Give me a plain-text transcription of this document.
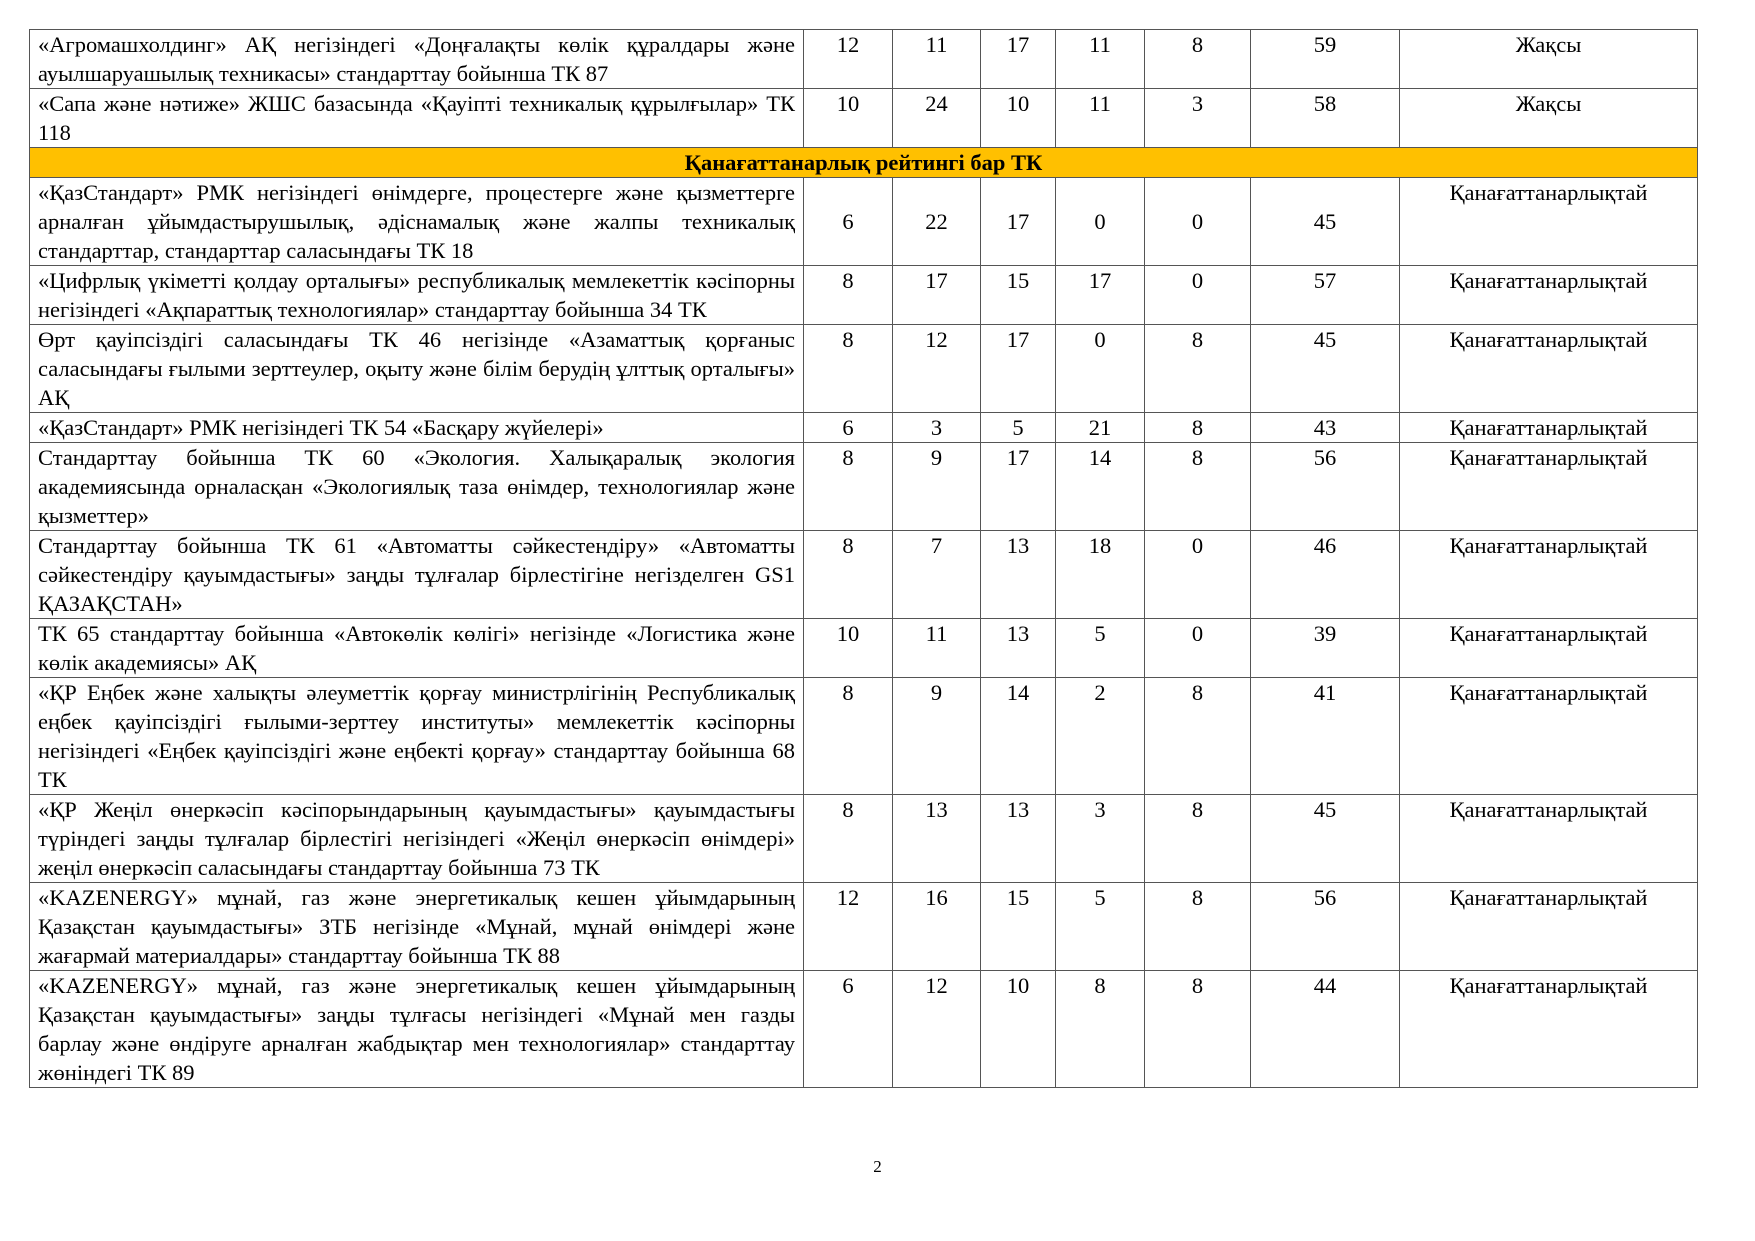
«Агромашхолдинг» АҚ негізіндегі «Доңғалақты көлік құралдары және ауылшаруашылық техникасы» стандарттау бойынша ТК 87	12	11	17	11	8	59	Жақсы
«Сапа және нәтиже» ЖШС базасында «Қауіпті техникалық құрылғылар» ТК 118	10	24	10	11	3	58	Жақсы
Қанағаттанарлық рейтингі бар ТК							
«ҚазСтандарт» РМК негізіндегі өнімдерге, процестерге және қызметтерге арналған ұйымдастырушылық, әдіснамалық және жалпы техникалық стандарттар, стандарттар саласындағы ТК 18	6	22	17	0	0	45	Қанағаттанарлықтай
«Цифрлық үкіметті қолдау орталығы» республикалық мемлекеттік кәсіпорны негізіндегі «Ақпараттық технологиялар» стандарттау бойынша 34 ТК	8	17	15	17	0	57	Қанағаттанарлықтай
Өрт қауіпсіздігі саласындағы ТК 46 негізінде «Азаматтық қорғаныс саласындағы ғылыми зерттеулер, оқыту және білім берудің ұлттық орталығы» АҚ	8	12	17	0	8	45	Қанағаттанарлықтай
«ҚазСтандарт» РМК негізіндегі ТК 54 «Басқару жүйелері»	6	3	5	21	8	43	Қанағаттанарлықтай
Стандарттау бойынша ТК 60 «Экология. Халықаралық экология академиясында орналасқан «Экологиялық таза өнімдер, технологиялар және қызметтер»	8	9	17	14	8	56	Қанағаттанарлықтай
Стандарттау бойынша ТК 61 «Автоматты сәйкестендіру» «Автоматты сәйкестендіру қауымдастығы» заңды тұлғалар бірлестігіне негізделген GS1 ҚАЗАҚСТАН»	8	7	13	18	0	46	Қанағаттанарлықтай
ТК 65 стандарттау бойынша «Автокөлік көлігі» негізінде «Логистика және көлік академиясы» АҚ	10	11	13	5	0	39	Қанағаттанарлықтай
«ҚР Еңбек және халықты әлеуметтік қорғау министрлігінің Республикалық еңбек қауіпсіздігі ғылыми-зерттеу институты» мемлекеттік кәсіпорны негізіндегі «Еңбек қауіпсіздігі және еңбекті қорғау» стандарттау бойынша 68 ТК	8	9	14	2	8	41	Қанағаттанарлықтай
«ҚР Жеңіл өнеркәсіп кәсіпорындарының қауымдастығы» қауымдастығы түріндегі заңды тұлғалар бірлестігі негізіндегі «Жеңіл өнеркәсіп өнімдері» жеңіл өнеркәсіп саласындағы стандарттау бойынша 73 ТК	8	13	13	3	8	45	Қанағаттанарлықтай
«KAZENERGY» мұнай, газ және энергетикалық кешен ұйымдарының Қазақстан қауымдастығы» ЗТБ негізінде «Мұнай, мұнай өнімдері және жағармай материалдары» стандарттау бойынша ТК 88	12	16	15	5	8	56	Қанағаттанарлықтай
«KAZENERGY» мұнай, газ және энергетикалық кешен ұйымдарының Қазақстан қауымдастығы» заңды тұлғасы негізіндегі «Мұнай мен газды барлау және өндіруге арналған жабдықтар мен технологиялар» стандарттау жөніндегі ТК 89	6	12	10	8	8	44	Қанағаттанарлықтай
2
